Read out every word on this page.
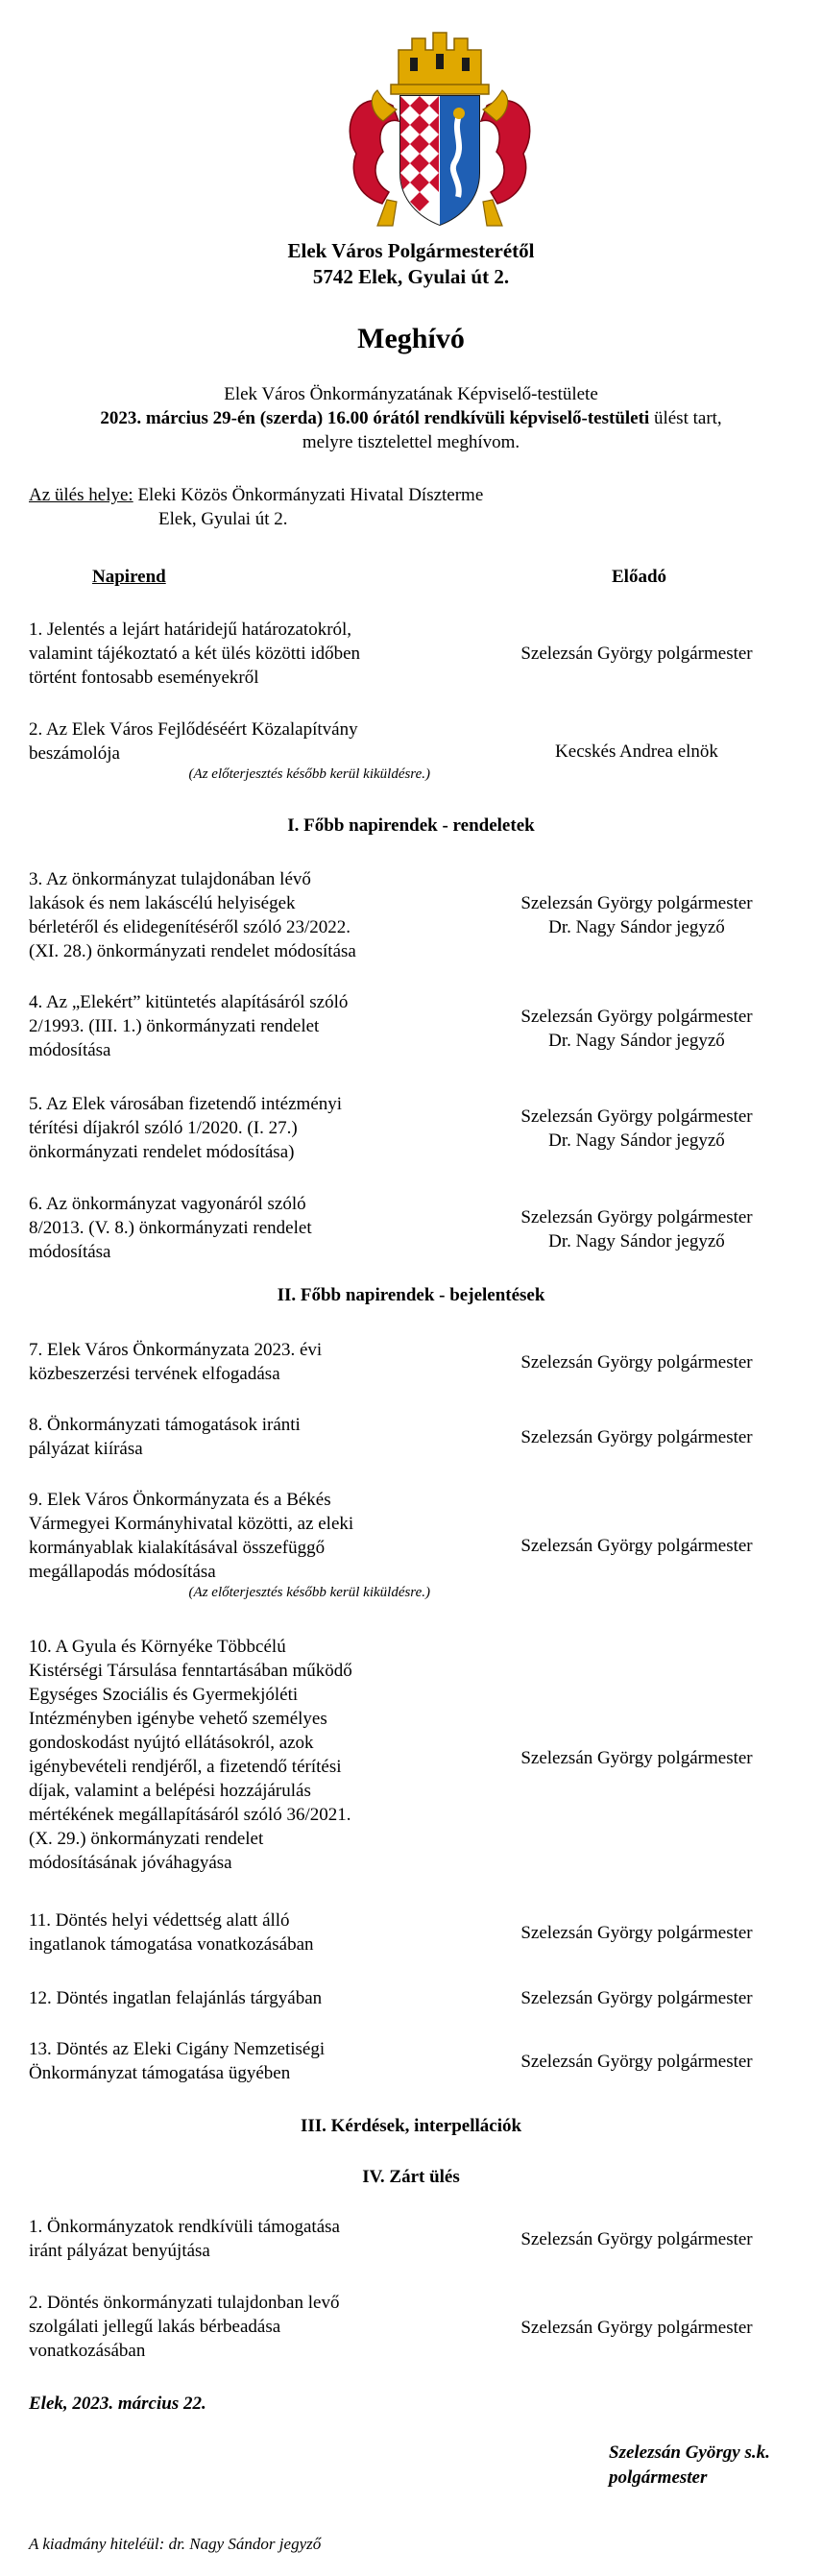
Elek Város Polgármesterétől
5742 Elek, Gyulai út 2.
Meghívó
Elek Város Önkormányzatának Képviselő-testülete
2023. március 29-én (szerda) 16.00 órától rendkívüli képviselő-testületi ülést tart,
melyre tisztelettel meghívom.
Az ülés helye: Eleki Közös Önkormányzati Hivatal Díszterme
Elek, Gyulai út 2.
Napirend	Előadó
1. Jelentés a lejárt határidejű határozatokról,
valamint tájékoztató a két ülés közötti időben
történt fontosabb eseményekről
Szelezsán György polgármester
2. Az Elek Város Fejlődéséért Közalapítvány
beszámolója
(Az előterjesztés később kerül kiküldésre.)
Kecskés Andrea elnök
I. Főbb napirendek - rendeletek
3. Az önkormányzat tulajdonában lévő
lakások és nem lakáscélú helyiségek
bérletéről és elidegenítéséről szóló 23/2022.
(XI. 28.) önkormányzati rendelet módosítása
Szelezsán György polgármester
Dr. Nagy Sándor jegyző
4. Az „Elekért” kitüntetés alapításáról szóló
2/1993. (III. 1.) önkormányzati rendelet
módosítása
Szelezsán György polgármester
Dr. Nagy Sándor jegyző
5. Az Elek városában fizetendő intézményi
térítési díjakról szóló 1/2020. (I. 27.)
önkormányzati rendelet módosítása)
Szelezsán György polgármester
Dr. Nagy Sándor jegyző
6. Az önkormányzat vagyonáról szóló
8/2013. (V. 8.) önkormányzati rendelet
módosítása
Szelezsán György polgármester
Dr. Nagy Sándor jegyző
II. Főbb napirendek - bejelentések
7. Elek Város Önkormányzata 2023. évi
közbeszerzési tervének elfogadása
Szelezsán György polgármester
8. Önkormányzati támogatások iránti
pályázat kiírása
Szelezsán György polgármester
9. Elek Város Önkormányzata és a Békés
Vármegyei Kormányhivatal közötti, az eleki
kormányablak kialakításával összefüggő
megállapodás módosítása
(Az előterjesztés később kerül kiküldésre.)
Szelezsán György polgármester
10. A Gyula és Környéke Többcélú
Kistérségi Társulása fenntartásában működő
Egységes Szociális és Gyermekjóléti
Intézményben igénybe vehető személyes
gondoskodást nyújtó ellátásokról, azok
igénybevételi rendjéről, a fizetendő térítési
díjak, valamint a belépési hozzájárulás
mértékének megállapításáról szóló 36/2021.
(X. 29.) önkormányzati rendelet
módosításának jóváhagyása
Szelezsán György polgármester
11. Döntés helyi védettség alatt álló
ingatlanok támogatása vonatkozásában
Szelezsán György polgármester
12. Döntés ingatlan felajánlás tárgyában	Szelezsán György polgármester
13. Döntés az Eleki Cigány Nemzetiségi
Önkormányzat támogatása ügyében
Szelezsán György polgármester
III. Kérdések, interpellációk
IV. Zárt ülés
1. Önkormányzatok rendkívüli támogatása
iránt pályázat benyújtása
Szelezsán György polgármester
2. Döntés önkormányzati tulajdonban levő
szolgálati jellegű lakás bérbeadása
vonatkozásában
Szelezsán György polgármester
Elek, 2023. március 22.
Szelezsán György s.k.
polgármester
A kiadmány hiteléül: dr. Nagy Sándor jegyző
